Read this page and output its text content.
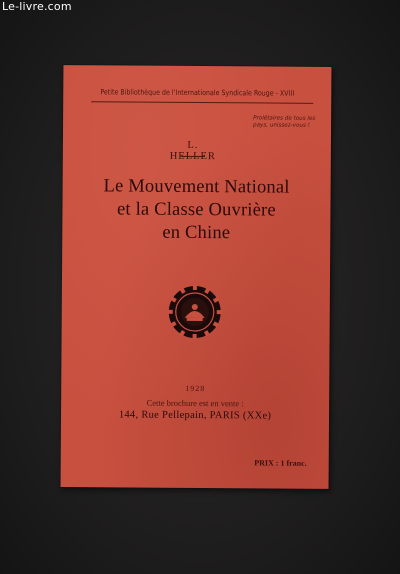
Le-livre.com
Petite Bibliothèque de l'Internationale Syndicale Rouge - XVIII
Prolétaires de tous les pays, unissez-vous !
L. HELLER
Le Mouvement National
et la Classe Ouvrière
en Chine
1928
Cette brochure est en vente :
144, Rue Pellepain, PARIS (XXe)
PRIX : 1 franc.
